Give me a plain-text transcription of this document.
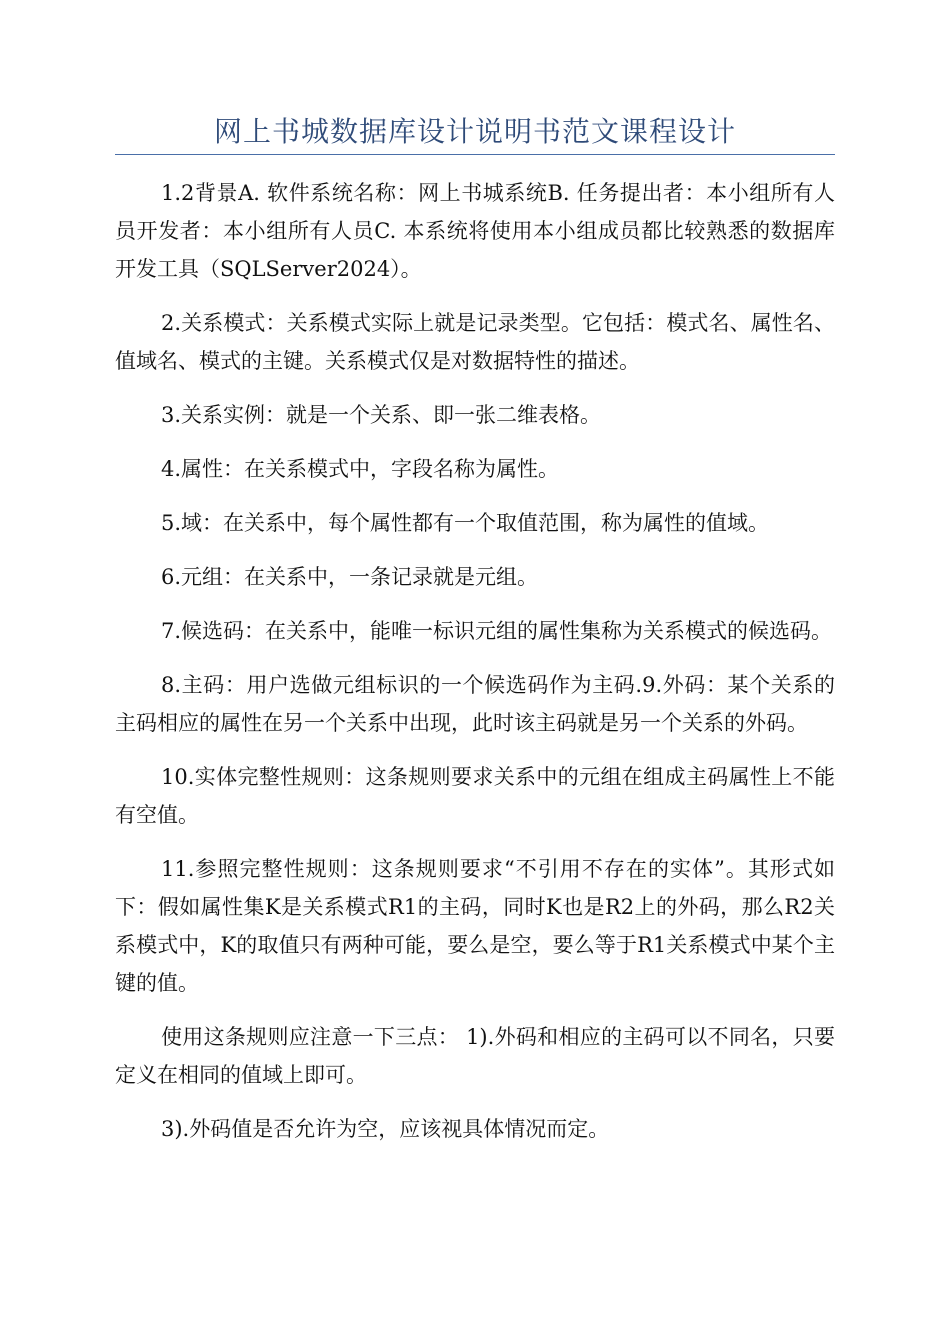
网上书城数据库设计说明书范文课程设计

1.2背景A. 软件系统名称：网上书城系统B. 任务提出者：本小组所有人员开发者：本小组所有人员C. 本系统将使用本小组成员都比较熟悉的数据库开发工具（SQLServer2024）。

2.关系模式：关系模式实际上就是记录类型。它包括：模式名、属性名、值域名、模式的主键。关系模式仅是对数据特性的描述。

3.关系实例：就是一个关系、即一张二维表格。

4.属性：在关系模式中，字段名称为属性。

5.域：在关系中，每个属性都有一个取值范围，称为属性的值域。

6.元组：在关系中，一条记录就是元组。

7.候选码：在关系中，能唯一标识元组的属性集称为关系模式的候选码。

8.主码：用户选做元组标识的一个候选码作为主码.9.外码：某个关系的主码相应的属性在另一个关系中出现，此时该主码就是另一个关系的外码。

10.实体完整性规则：这条规则要求关系中的元组在组成主码属性上不能有空值。

11.参照完整性规则：这条规则要求“不引用不存在的实体”。其形式如下：假如属性集K是关系模式R1的主码，同时K也是R2上的外码，那么R2关系模式中，K的取值只有两种可能，要么是空，要么等于R1关系模式中某个主键的值。

使用这条规则应注意一下三点： 1).外码和相应的主码可以不同名，只要定义在相同的值域上即可。

3).外码值是否允许为空，应该视具体情况而定。
